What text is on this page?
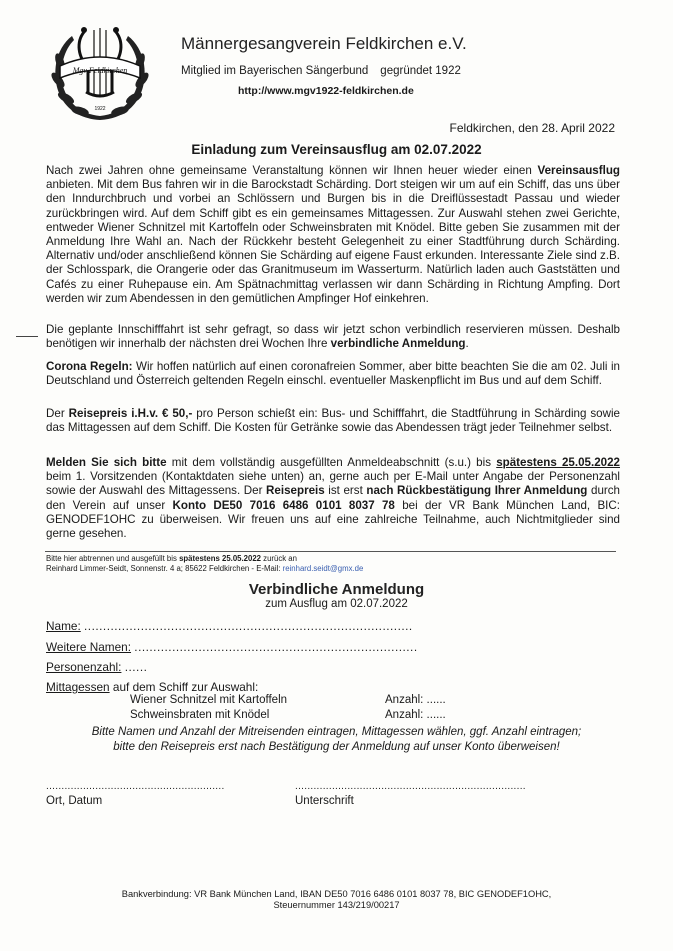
Mgv Feldkirchen
1922
Männergesangverein Feldkirchen e.V.
Mitglied im Bayerischen Sängerbund gegründet 1922
http://www.mgv1922-feldkirchen.de
Feldkirchen, den 28. April 2022
Einladung zum Vereinsausflug am 02.07.2022
Nach zwei Jahren ohne gemeinsame Veranstaltung können wir Ihnen heuer wieder einen Vereinsausflug anbieten. Mit dem Bus fahren wir in die Barockstadt Schärding. Dort steigen wir um auf ein Schiff, das uns über den Inndurchbruch und vorbei an Schlössern und Burgen bis in die Dreiflüssestadt Passau und wieder zurückbringen wird. Auf dem Schiff gibt es ein gemeinsames Mittagessen. Zur Auswahl stehen zwei Gerichte, entweder Wiener Schnitzel mit Kartoffeln oder Schweinsbraten mit Knödel. Bitte geben Sie zusammen mit der Anmeldung Ihre Wahl an. Nach der Rückkehr besteht Gelegenheit zu einer Stadtführung durch Schärding. Alternativ und/oder anschließend können Sie Schärding auf eigene Faust erkunden. Interessante Ziele sind z.B. der Schlosspark, die Orangerie oder das Granitmuseum im Wasserturm. Natürlich laden auch Gaststätten und Cafés zu einer Ruhepause ein. Am Spätnachmittag verlassen wir dann Schärding in Richtung Ampfing. Dort werden wir zum Abendessen in den gemütlichen Ampfinger Hof einkehren.
Die geplante Innschifffahrt ist sehr gefragt, so dass wir jetzt schon verbindlich reservieren müssen. Deshalb benötigen wir innerhalb der nächsten drei Wochen Ihre verbindliche Anmeldung.
Corona Regeln: Wir hoffen natürlich auf einen coronafreien Sommer, aber bitte beachten Sie die am 02. Juli in Deutschland und Österreich geltenden Regeln einschl. eventueller Maskenpflicht im Bus und auf dem Schiff.
Der Reisepreis i.H.v. € 50,- pro Person schießt ein: Bus- und Schifffahrt, die Stadtführung in Schärding sowie das Mittagessen auf dem Schiff. Die Kosten für Getränke sowie das Abendessen trägt jeder Teilnehmer selbst.
Melden Sie sich bitte mit dem vollständig ausgefüllten Anmeldeabschnitt (s.u.) bis spätestens 25.05.2022 beim 1. Vorsitzenden (Kontaktdaten siehe unten) an, gerne auch per E-Mail unter Angabe der Personenzahl sowie der Auswahl des Mittagessens. Der Reisepreis ist erst nach Rückbestätigung Ihrer Anmeldung durch den Verein auf unser Konto DE50 7016 6486 0101 8037 78 bei der VR Bank München Land, BIC: GENODEF1OHC zu überweisen. Wir freuen uns auf eine zahlreiche Teilnahme, auch Nichtmitglieder sind gerne gesehen.
Bitte hier abtrennen und ausgefüllt bis spätestens 25.05.2022 zurück an
Reinhard Limmer-Seidt, Sonnenstr. 4 a; 85622 Feldkirchen - E-Mail: reinhard.seidt@gmx.de
Verbindliche Anmeldung
zum Ausflug am 02.07.2022
Name: .......................................................................................
Weitere Namen: ...........................................................................
Personenzahl: ......
Mittagessen auf dem Schiff zur Auswahl:
Wiener Schnitzel mit Kartoffeln	Anzahl: ......
Schweinsbraten mit Knödel	Anzahl: ......
Bitte Namen und Anzahl der Mitreisenden eintragen, Mittagessen wählen, ggf. Anzahl eintragen;
bitte den Reisepreis erst nach Bestätigung der Anmeldung auf unser Konto überweisen!
..........................................................	...........................................................................
Ort, Datum	Unterschrift
Bankverbindung: VR Bank München Land, IBAN DE50 7016 6486 0101 8037 78, BIC GENODEF1OHC,
Steuernummer 143/219/00217
